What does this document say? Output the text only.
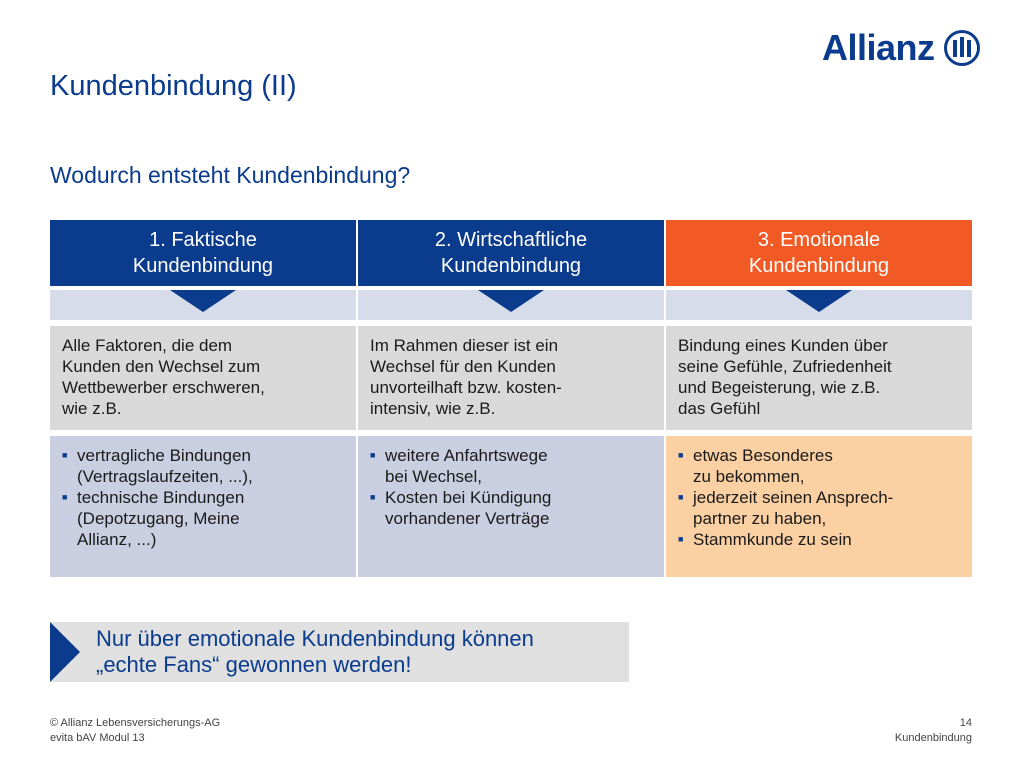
Allianz
Kundenbindung (II)
Wodurch entsteht Kundenbindung?
1. Faktische
Kundenbindung
Alle Faktoren, die dem
Kunden den Wechsel zum
Wettbewerber erschweren,
wie z.B.
■ vertragliche Bindungen
(Vertragslaufzeiten, ...),
■ technische Bindungen
(Depotzugang, Meine
Allianz, ...)
2. Wirtschaftliche
Kundenbindung
Im Rahmen dieser ist ein
Wechsel für den Kunden
unvorteilhaft bzw. kosten-
intensiv, wie z.B.
■ weitere Anfahrtswege
bei Wechsel,
■ Kosten bei Kündigung
vorhandener Verträge
3. Emotionale
Kundenbindung
Bindung eines Kunden über
seine Gefühle, Zufriedenheit
und Begeisterung, wie z.B.
das Gefühl
■ etwas Besonderes
zu bekommen,
■ jederzeit seinen Ansprech-
partner zu haben,
■ Stammkunde zu sein
Nur über emotionale Kundenbindung können
„echte Fans“ gewonnen werden!
© Allianz Lebensversicherungs-AG
evita bAV Modul 13
14
Kundenbindung
